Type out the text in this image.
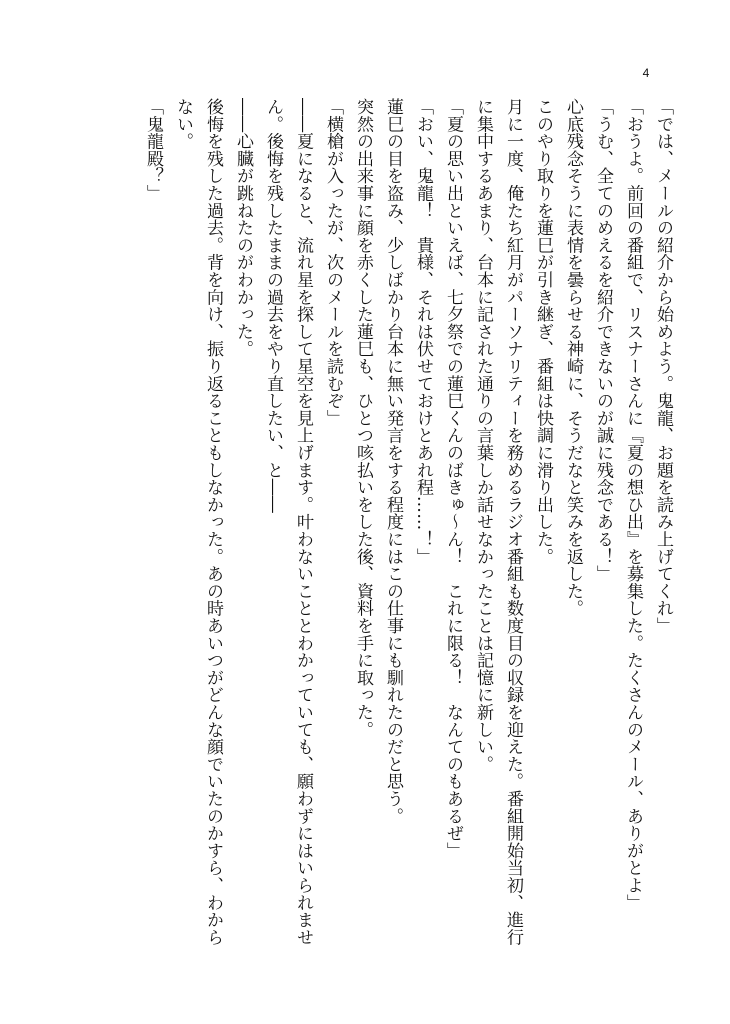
4
「では、メールの紹介から始めよう。鬼龍、お題を読み上げてくれ」
「おうよ。前回の番組で、リスナーさんに『夏の想ひ出』を募集した。たくさんのメール、ありがとよ」
「うむ、全てのめえるを紹介できないのが誠に残念である！」
心底残念そうに表情を曇らせる神崎に、そうだなと笑みを返した。
このやり取りを蓮巳が引き継ぎ、番組は快調に滑り出した。
月に一度、俺たち紅月がパーソナリティーを務めるラジオ番組も数度目の収録を迎えた。番組開始当初、進行に集中するあまり、台本に記された通りの言葉しか話せなかったことは記憶に新しい。
「夏の思い出といえば、七夕祭での蓮巳くんのばきゅ～ん！　これに限る！　なんてのもあるぜ」
「おい、鬼龍！　貴様、それは伏せておけとあれ程……！」
蓮巳の目を盗み、少しばかり台本に無い発言をする程度にはこの仕事にも馴れたのだと思う。
突然の出来事に顔を赤くした蓮巳も、ひとつ咳払いをした後、資料を手に取った。
「横槍が入ったが、次のメールを読むぞ」
――夏になると、流れ星を探して星空を見上げます。叶わないこととわかっていても、願わずにはいられません。後悔を残したままの過去をやり直したい、と――
――心臓が跳ねたのがわかった。
後悔を残した過去。背を向け、振り返ることもしなかった。あの時あいつがどんな顔でいたのかすら、わからない。
「鬼龍殿？」
